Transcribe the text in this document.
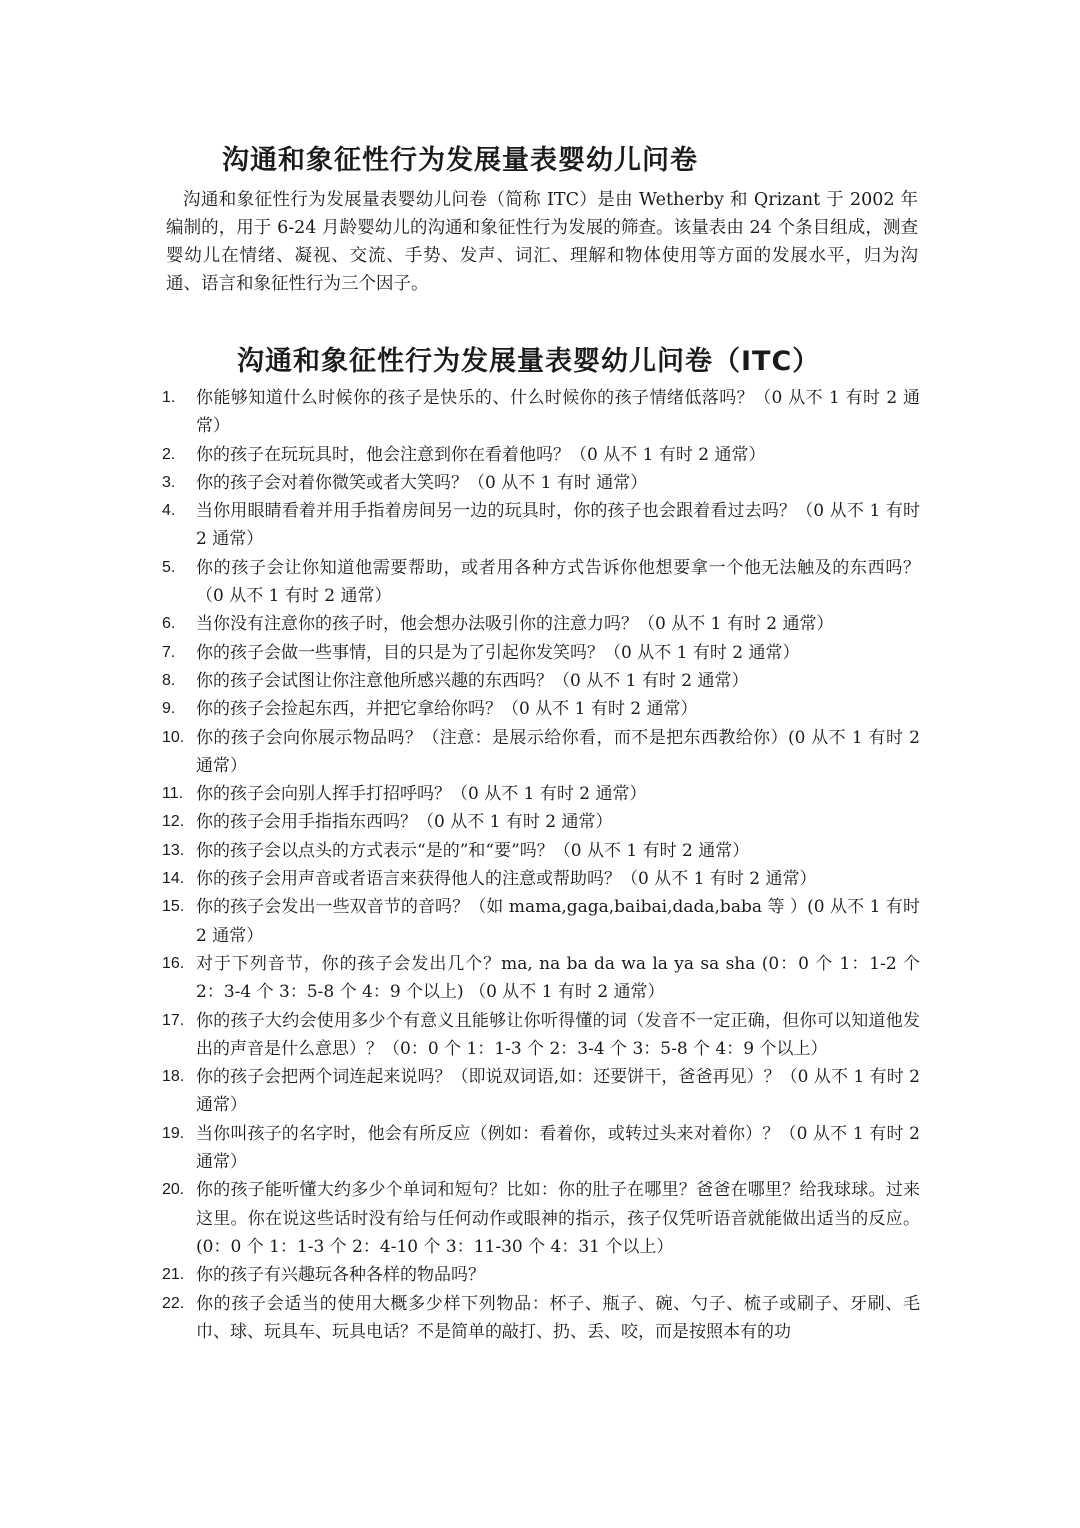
沟通和象征性行为发展量表婴幼儿问卷
沟通和象征性行为发展量表婴幼儿问卷（简称 ITC）是由 Wetherby 和 Qrizant 于 2002 年编制的，用于 6-24 月龄婴幼儿的沟通和象征性行为发展的筛查。该量表由 24 个条目组成，测查婴幼儿在情绪、凝视、交流、手势、发声、词汇、理解和物体使用等方面的发展水平，归为沟通、语言和象征性行为三个因子。
沟通和象征性行为发展量表婴幼儿问卷（ITC）
1.	你能够知道什么时候你的孩子是快乐的、什么时候你的孩子情绪低落吗？（0 从不 1 有时 2 通常）
2.	你的孩子在玩玩具时，他会注意到你在看着他吗？（0 从不 1 有时 2 通常）
3.	你的孩子会对着你微笑或者大笑吗？（0 从不 1 有时 通常）
4.	当你用眼睛看着并用手指着房间另一边的玩具时，你的孩子也会跟着看过去吗？（0 从不 1 有时 2 通常）
5.	你的孩子会让你知道他需要帮助，或者用各种方式告诉你他想要拿一个他无法触及的东西吗？（0 从不 1 有时 2 通常）
6.	当你没有注意你的孩子时，他会想办法吸引你的注意力吗？（0 从不 1 有时 2 通常）
7.	你的孩子会做一些事情，目的只是为了引起你发笑吗？（0 从不 1 有时 2 通常）
8.	你的孩子会试图让你注意他所感兴趣的东西吗？（0 从不 1 有时 2 通常）
9.	你的孩子会捡起东西，并把它拿给你吗？（0 从不 1 有时 2 通常）
10. 你的孩子会向你展示物品吗？（注意：是展示给你看，而不是把东西教给你）(0 从不 1 有时 2 通常）
11. 你的孩子会向别人挥手打招呼吗？（0 从不 1 有时 2 通常）
12. 你的孩子会用手指指东西吗？（0 从不 1 有时 2 通常）
13. 你的孩子会以点头的方式表示“是的”和“要”吗？（0 从不 1 有时 2 通常）
14. 你的孩子会用声音或者语言来获得他人的注意或帮助吗？（0 从不 1 有时 2 通常）
15. 你的孩子会发出一些双音节的音吗？（如 mama,gaga,baibai,dada,baba 等 ）(0 从不 1 有时 2 通常）
16. 对于下列音节，你的孩子会发出几个？ma, na ba da wa la ya sa sha (0：0 个 1：1-2 个 2：3-4 个 3：5-8 个 4：9 个以上) （0 从不 1 有时 2 通常）
17. 你的孩子大约会使用多少个有意义且能够让你听得懂的词（发音不一定正确，但你可以知道他发出的声音是什么意思）？（0：0 个 1：1-3 个 2：3-4 个 3：5-8 个 4：9 个以上）
18. 你的孩子会把两个词连起来说吗？（即说双词语,如：还要饼干，爸爸再见）？（0 从不 1 有时 2 通常）
19. 当你叫孩子的名字时，他会有所反应（例如：看着你，或转过头来对着你）？（0 从不 1 有时 2 通常）
20. 你的孩子能听懂大约多少个单词和短句？比如：你的肚子在哪里？爸爸在哪里？给我球球。过来这里。你在说这些话时没有给与任何动作或眼神的指示，孩子仅凭听语音就能做出适当的反应。(0：0 个 1：1-3 个 2：4-10 个 3：11-30 个 4：31 个以上）
21. 你的孩子有兴趣玩各种各样的物品吗？
22. 你的孩子会适当的使用大概多少样下列物品：杯子、瓶子、碗、勺子、梳子或刷子、牙刷、毛巾、球、玩具车、玩具电话？不是简单的敲打、扔、丢、咬，而是按照本有的功
